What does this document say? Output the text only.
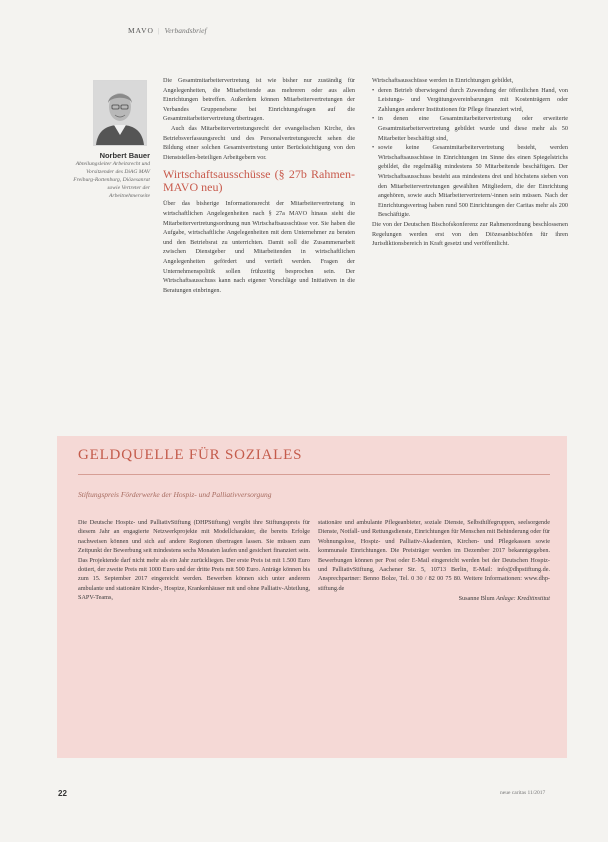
MAVO | Verbandsbrief
Norbert Bauer
Abteilungsleiter Arbeitsrecht und Vorsitzender des DiAG MAV Freiburg-Rottenburg, Diözesanrat sowie Vertreter der Arbeitnehmerseite

Die Gesamtmitarbeitervertretung ist wie bisher nur zuständig für Angelegenheiten, die Mitarbeitende aus mehreren oder aus allen Einrichtungen betreffen. Außerdem können Mitarbeitervertretungen der Verbandes Gruppenebene bei Einrichtungsfragen auf die Gesamtmitarbeitervertretung übertragen.

Auch das Mitarbeitervertretungsrecht der evangelischen Kirche, des Betriebsverfassungsrecht und des Personalvertretungsrecht sehen die Bildung einer solchen Gesamtvertretung unter Berücksichtigung von den Dienststellen-beteiligen Arbeitgebern vor.

Wirtschaftsausschüsse (§ 27b Rahmen-MAVO neu)

Über das bisherige Informationsrecht der Mitarbeitervertretung in wirtschaftlichen Angelegenheiten nach § 27a MAVO hinaus sieht die Mitarbeitervertretungsordnung nun Wirtschaftsausschüsse vor. Sie haben die Aufgabe, wirtschaftliche Angelegenheiten mit dem Unternehmer zu beraten und den Betriebsrat zu unterrichten. Damit soll die Zusammenarbeit zwischen Dienstgeber und Mitarbeitenden in wirtschaftlichen Angelegenheiten gefördert und vertieft werden. Fragen der Unternehmenspolitik sollen frühzeitig besprochen sein. Der Wirtschaftsausschuss kann nach eigener Vorschläge und Initiativen in die Beratungen einbringen.

Wirtschaftsausschüsse werden in Einrichtungen gebildet,

• deren Betrieb überwiegend durch Zuwendung der öffentlichen Hand, von Leistungs- und Vergütungsvereinbarungen mit Kostenträgern oder Zahlungen anderer Institutionen für Pflege finanziert wird,
• in denen eine Gesamtmitarbeitervertretung oder erweiterte Gesamtmitarbeitervertretung gebildet wurde und diese mehr als 50 Mitarbeiter beschäftigt sind,
• sowie keine Gesamtmitarbeitervertretung besteht, werden Wirtschaftsausschüsse in Einrichtungen im Sinne des einen Spiegelstrichs gebildet, die regelmäßig mindestens 50 Mitarbeitende beschäftigen. Der Wirtschaftsausschuss besteht aus mindestens drei und höchstens sieben von den Mitarbeitervertretungen gewählten Mitgliedern, die der Einrichtung angehören, sowie auch Mitarbeitervertretern/-innen sein müssen. Nach der Einrichtungsvertrag haben rund 500 Einrichtungen der Caritas mehr als 200 Beschäftigte.

Die von der Deutschen Bischofskonferenz zur Rahmenordnung beschlossenen Regelungen werden erst von den Diözesanbischöfen für ihren Jurisdiktionsbereich in Kraft gesetzt und veröffentlicht.

GELDQUELLE FÜR SOZIALES
Stiftungspreis Förderwerke der Hospiz- und Palliativversorgung

Die Deutsche Hospiz- und PalliativStiftung (DHPStiftung) vergibt ihre Stiftungspreis für diesem Jahr an engagierte Netzwerkprojekte mit Modellcharakter, die bereits Erfolge nachweisen können und sich auf andere Regionen übertragen lassen. Sie müssen zum Zeitpunkt der Bewerbung seit mindestens sechs Monaten laufen und gesichert finanziert sein. Das Projektende darf nicht mehr als ein Jahr zurückliegen. Der erste Preis ist mit 1.500 Euro dotiert, der zweite Preis mit 1000 Euro und der dritte Preis mit 500 Euro. Anträge können bis zum 15. September 2017 eingereicht werden. Bewerben können sich unter anderem ambulante und stationäre Kinder-, Hospize, Krankenhäuser mit und ohne Palliativ-Abteilung, SAPV-Teams,

stationäre und ambulante Pflegeanbieter, soziale Dienste, Selbsthilfegruppen, seelsorgende Dienste, Notfall- und Rettungsdienste, Einrichtungen für Menschen mit Behinderung oder für Wohnungslose, Hospiz- und Palliativ-Akademien, Kirchen- und Pflegekassen sowie kommunale Einrichtungen. Die Preisträger werden im Dezember 2017 bekanntgegeben. Bewerbungen können per Post oder E-Mail eingereicht werden bei der Deutschen Hospiz- und PalliativStiftung, Aachener Str. 5, 10713 Berlin, E-Mail: info@dhpstiftung.de. Ansprechpartner: Benno Bolze, Tel. 0 30 / 82 00 75 80. Weitere Informationen: www.dhp-stiftung.de

Susanne Blum Anlage: Kreditinstitut
22	neue caritas 11/2017
